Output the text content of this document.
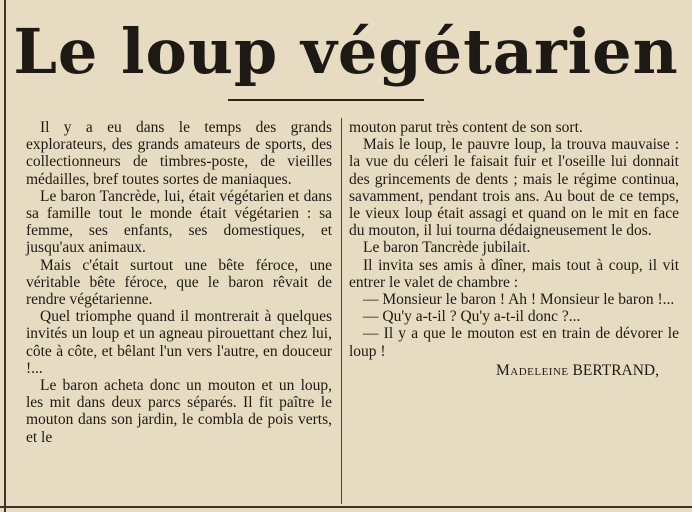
Le loup végétarien

Il y a eu dans le temps des grands explorateurs, des grands amateurs de sports, des collectionneurs de timbres-poste, de vieilles médailles, bref toutes sortes de maniaques.

Le baron Tancrède, lui, était végétarien et dans sa famille tout le monde était végétarien : sa femme, ses enfants, ses domestiques, et jusqu'aux animaux.

Mais c'était surtout une bête féroce, une véritable bête féroce, que le baron rêvait de rendre végétarienne.

Quel triomphe quand il montrerait à quelques invités un loup et un agneau pirouettant chez lui, côte à côte, et bêlant l'un vers l'autre, en douceur !...

Le baron acheta donc un mouton et un loup, les mit dans deux parcs séparés. Il fit paître le mouton dans son jardin, le combla de pois verts, et le

mouton parut très content de son sort.

Mais le loup, le pauvre loup, la trouva mauvaise : la vue du céleri le faisait fuir et l'oseille lui donnait des grincements de dents ; mais le régime continua, savamment, pendant trois ans. Au bout de ce temps, le vieux loup était assagi et quand on le mit en face du mouton, il lui tourna dédaigneusement le dos.

Le baron Tancrède jubilait.

Il invita ses amis à dîner, mais tout à coup, il vit entrer le valet de chambre :

— Monsieur le baron ! Ah ! Monsieur le baron !...

— Qu'y a-t-il ? Qu'y a-t-il donc ?...

— Il y a que le mouton est en train de dévorer le loup !

Madeleine BERTRAND,
